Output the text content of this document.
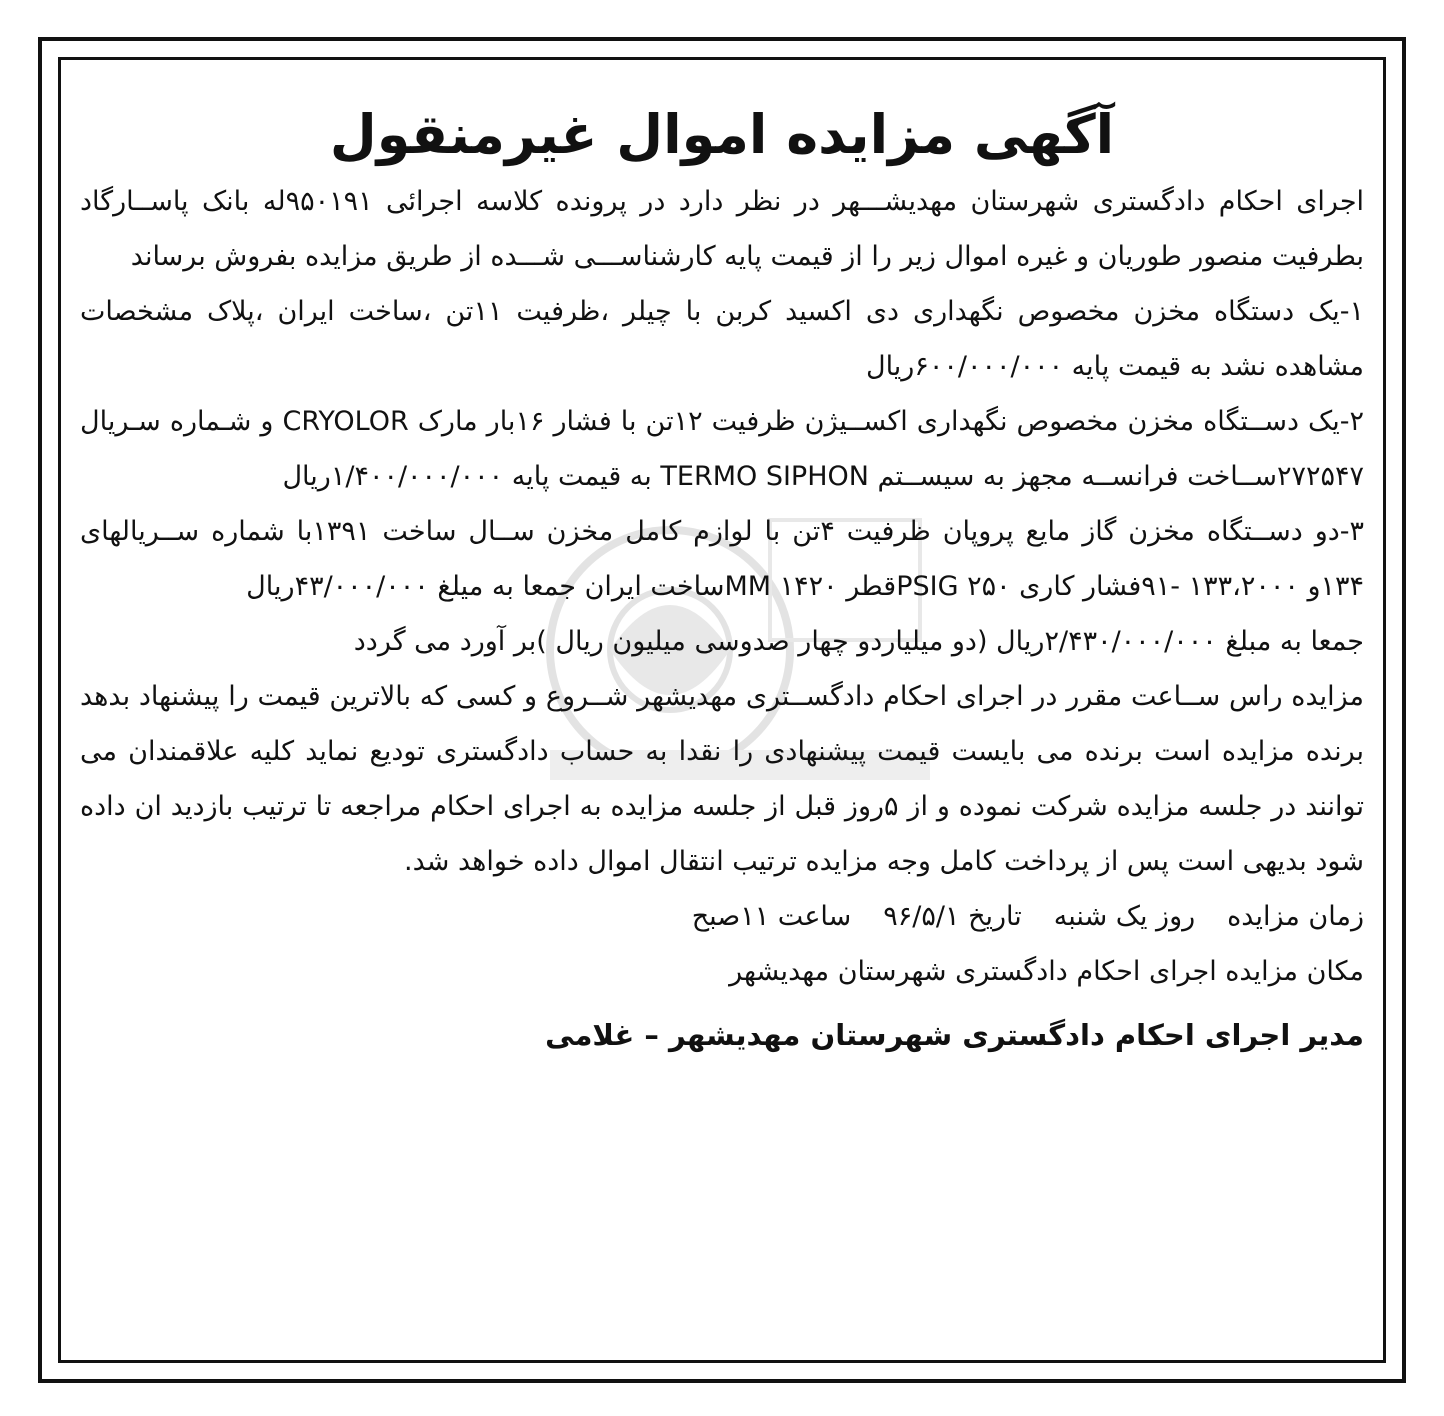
آگهی مزایده اموال غیرمنقول

اجرای احکام دادگستری شهرستان مهدیشـــهر در نظر دارد در پرونده کلاسه اجرائی ۹۵۰۱۹۱له بانک پاســارگاد بطرفیت منصور طوریان و غیره اموال زیر را از قیمت پایه کارشناســـی شـــده از طریق مزایده بفروش برساند

۱-یک دستگاه مخزن مخصوص نگهداری دی اکسید کربن با چیلر ،ظرفیت ۱۱تن ،ساخت ایران ،پلاک مشخصات مشاهده نشد به قیمت پایه ۶۰۰/۰۰۰/۰۰۰ریال

۲-یک دســتگاه مخزن مخصوص نگهداری اکســیژن ظرفیت ۱۲تن با فشار ۱۶بار مارک CRYOLOR و شـماره سـریال ۲۷۲۵۴۷ســاخت فرانســه مجهز به سیســتم TERMO SIPHON به قیمت پایه ۱/۴۰۰/۰۰۰/۰۰۰ریال

۳-دو دســتگاه مخزن گاز مایع پروپان ظرفیت ۴تن با لوازم کامل مخزن ســال ساخت ۱۳۹۱با شماره ســریالهای ۱۳۴و ۱۳۳،۲۰۰۰ -۹۱فشار کاری PSIG ۲۵۰قطر MM ۱۴۲۰ساخت ایران جمعا به میلغ ۴۳/۰۰۰/۰۰۰ریال

جمعا به مبلغ ۲/۴۳۰/۰۰۰/۰۰۰ریال (دو میلیاردو چهار صدوسی میلیون ریال )بر آورد می گردد

مزایده راس ســاعت مقرر در اجرای احکام دادگســتری مهدیشهر شــروع و کسی که بالاترین قیمت را پیشنهاد بدهد برنده مزایده است برنده می بایست قیمت پیشنهادی را نقدا به حساب دادگستری تودیع نماید کلیه علاقمندان می توانند در جلسه مزایده شرکت نموده و از ۵روز قبل از جلسه مزایده به اجرای احکام مراجعه تا ترتیب بازدید ان داده شود بدیهی است پس از پرداخت کامل وجه مزایده ترتیب انتقال اموال داده خواهد شد.

زمان مزایده
روز یک شنبه
تاریخ ۹۶/۵/۱
ساعت ۱۱صبح
مکان مزایده اجرای احکام دادگستری شهرستان مهدیشهر
مدیر اجرای احکام دادگستری شهرستان مهدیشهر – غلامی
